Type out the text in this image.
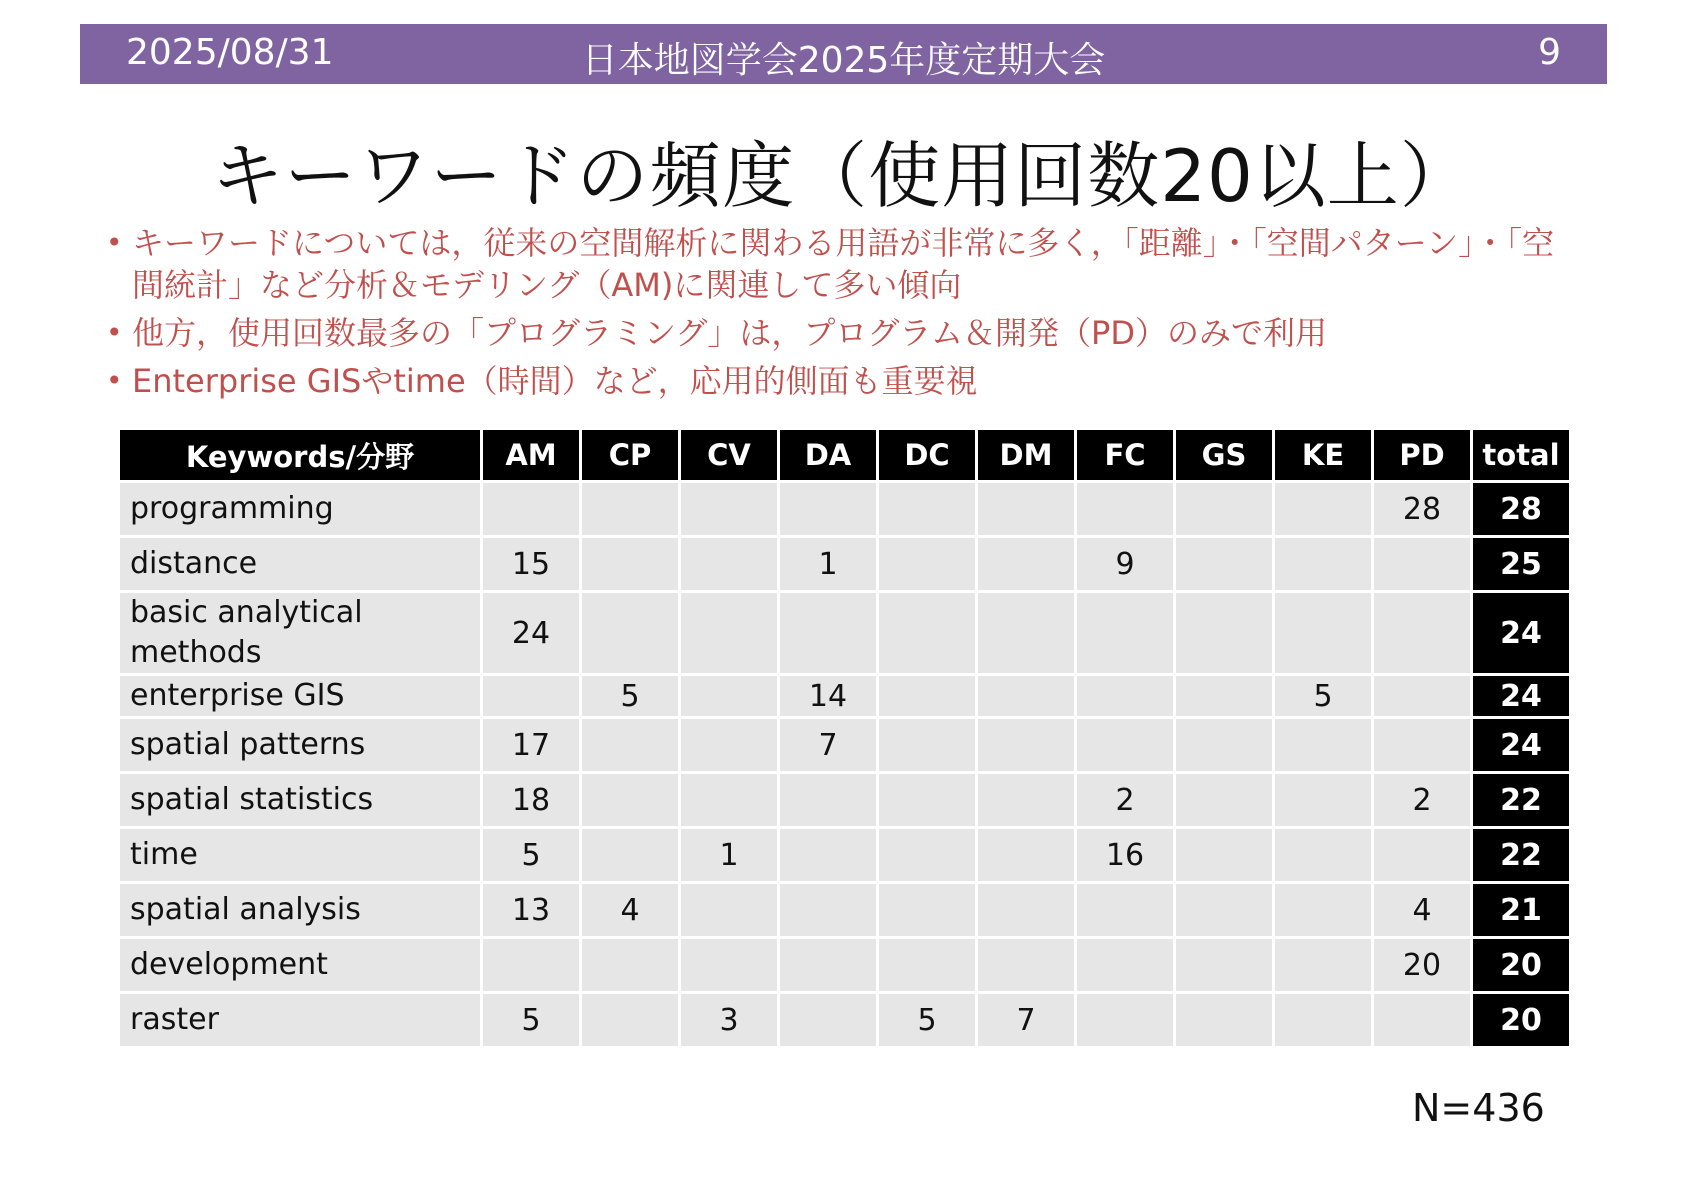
2025/08/31	日本地図学会2025年度定期大会	9
キーワードの頻度（使用回数20以上）
• キーワードについては，従来の空間解析に関わる用語が非常に多く，「距離」・「空間パターン」・「空間統計」など分析＆モデリング（AM)に関連して多い傾向
• 他方，使用回数最多の「プログラミング」は，プログラム＆開発（PD）のみで利用
• Enterprise GISやtime（時間）など，応用的側面も重要視
Keywords/分野	AM	CP	CV	DA	DC	DM	FC	GS	KE	PD	total
programming										28	28
distance	15			1			9				25
basic analytical methods	24										24
enterprise GIS		5		14					5		24
spatial patterns	17			7							24
spatial statistics	18						2			2	22
time	5		1				16				22
spatial analysis	13	4								4	21
development										20	20
raster	5		3		5	7					20
N=436
